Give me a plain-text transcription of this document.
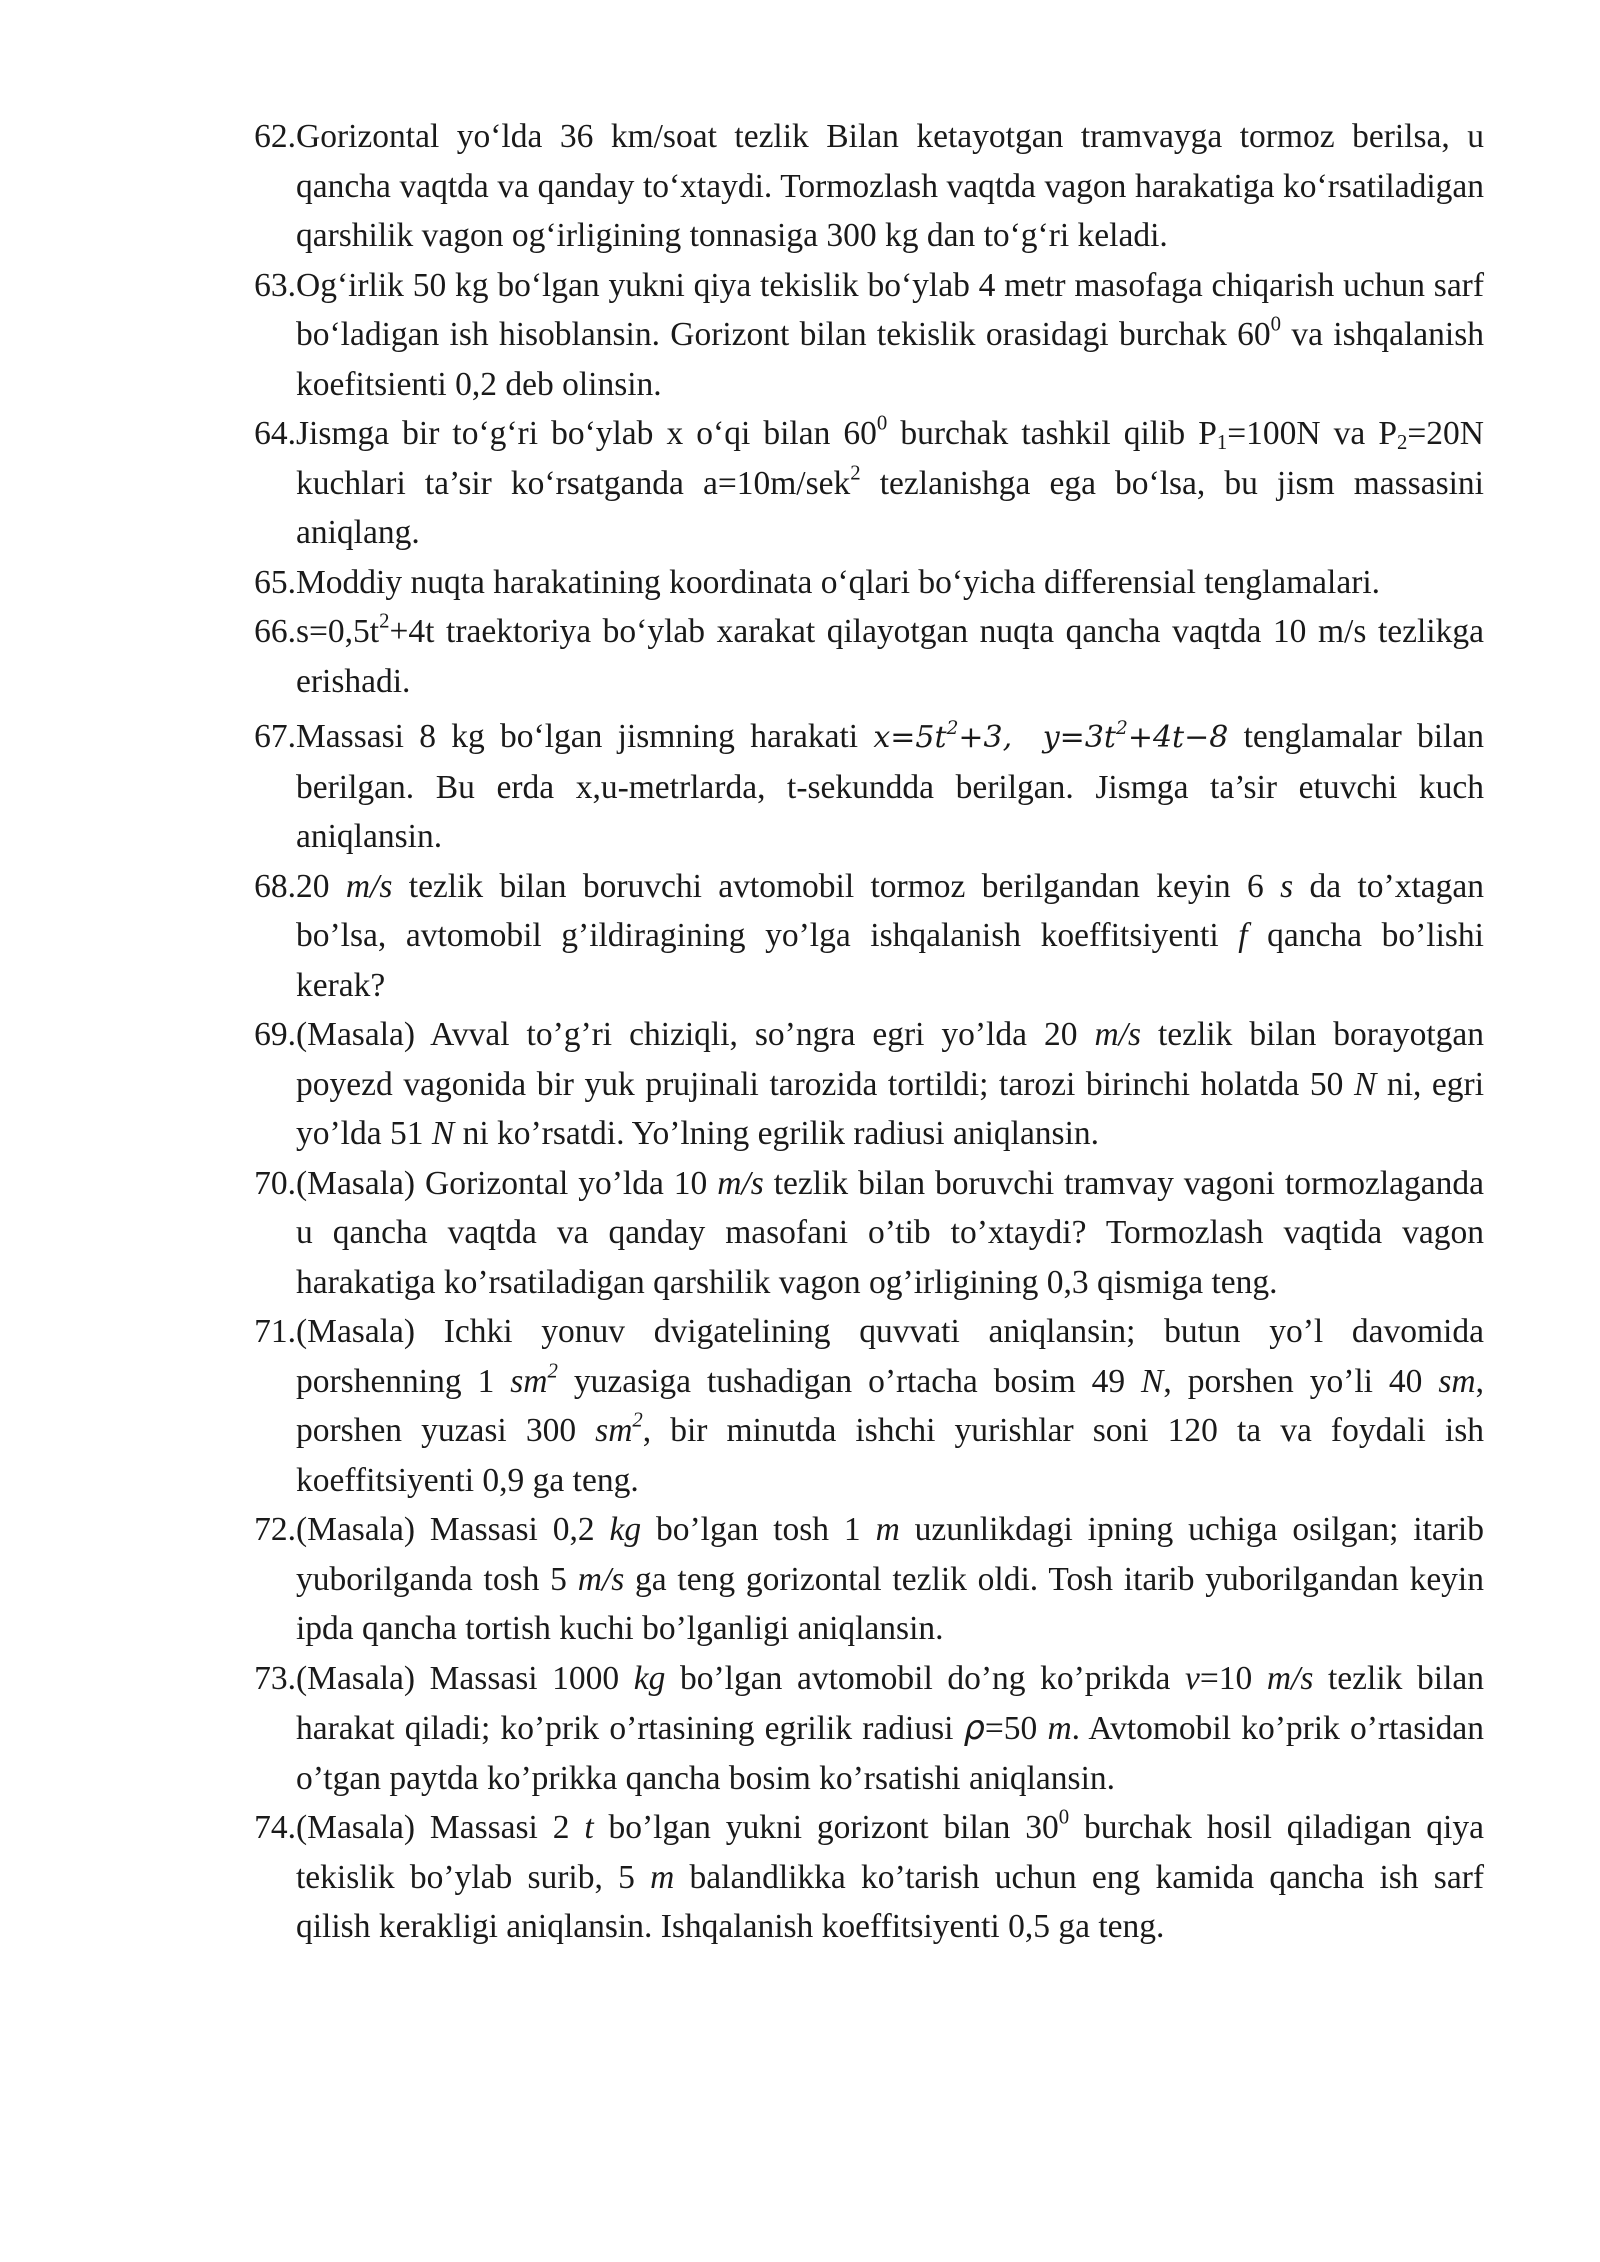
62. Gorizontal yo‘lda 36 km/soat tezlik Bilan ketayotgan tramvayga tormoz berilsa, u qancha vaqtda va qanday to‘xtaydi. Tormozlash vaqtda vagon harakatiga ko‘rsatiladigan qarshilik vagon og‘irligining tonnasiga 300 kg dan to‘g‘ri keladi.
63. Og‘irlik 50 kg bo‘lgan yukni qiya tekislik bo‘ylab 4 metr masofaga chiqarish uchun sarf bo‘ladigan ish hisoblansin. Gorizont bilan tekislik orasidagi burchak $60^0$ va ishqalanish koefitsienti 0,2 deb olinsin.
64. Jismga bir to‘g‘ri bo‘ylab x o‘qi bilan $60^0$ burchak tashkil qilib $P_1=100N$ va $P_2=20N$ kuchlari ta’sir ko‘rsatganda a=10m/sek$^2$ tezlanishga ega bo‘lsa, bu jism massasini aniqlang.
65. Moddiy nuqta harakatining koordinata o‘qlari bo‘yicha differensial tenglamalari.
66. $s=0,5t^2+4t$ traektoriya bo‘ylab xarakat qilayotgan nuqta qancha vaqtda 10 m/s tezlikga erishadi.
67. Massasi 8 kg bo‘lgan jismning harakati $x=5t^2+3$, $y=3t^2+4t-8$ tenglamalar bilan berilgan. Bu erda x,u-metrlarda, t-sekundda berilgan. Jismga ta’sir etuvchi kuch aniqlansin.
68. 20 m/s tezlik bilan boruvchi avtomobil tormoz berilgandan keyin 6 s da to’xtagan bo’lsa, avtomobil g’ildiragining yo’lga ishqalanish koeffitsiyenti f qancha bo’lishi kerak?
69. (Masala) Avval to’g’ri chiziqli, so’ngra egri yo’lda 20 m/s tezlik bilan borayotgan poyezd vagonida bir yuk prujinali tarozida tortildi; tarozi birinchi holatda 50 N ni, egri yo’lda 51 N ni ko’rsatdi. Yo’lning egrilik radiusi aniqlansin.
70. (Masala) Gorizontal yo’lda 10 m/s tezlik bilan boruvchi tramvay vagoni tormozlaganda u qancha vaqtda va qanday masofani o’tib to’xtaydi? Tormozlash vaqtida vagon harakatiga ko’rsatiladigan qarshilik vagon og’irligining 0,3 qismiga teng.
71. (Masala) Ichki yonuv dvigatelining quvvati aniqlansin; butun yo’l davomida porshenning 1 $sm^2$ yuzasiga tushadigan o’rtacha bosim 49 N, porshen yo’li 40 sm, porshen yuzasi 300 $sm^2$, bir minutda ishchi yurishlar soni 120 ta va foydali ish koeffitsiyenti 0,9 ga teng.
72. (Masala) Massasi 0,2 kg bo’lgan tosh 1 m uzunlikdagi ipning uchiga osilgan; itarib yuborilganda tosh 5 m/s ga teng gorizontal tezlik oldi. Tosh itarib yuborilgandan keyin ipda qancha tortish kuchi bo’lganligi aniqlansin.
73. (Masala) Massasi 1000 kg bo’lgan avtomobil do’ng ko’prikda v=10 m/s tezlik bilan harakat qiladi; ko’prik o’rtasining egrilik radiusi ρ=50 m. Avtomobil ko’prik o’rtasidan o’tgan paytda ko’prikka qancha bosim ko’rsatishi aniqlansin.
74. (Masala) Massasi 2 t bo’lgan yukni gorizont bilan $30^0$ burchak hosil qiladigan qiya tekislik bo’ylab surib, 5 m balandlikka ko’tarish uchun eng kamida qancha ish sarf qilish kerakligi aniqlansin. Ishqalanish koeffitsiyenti 0,5 ga teng.
